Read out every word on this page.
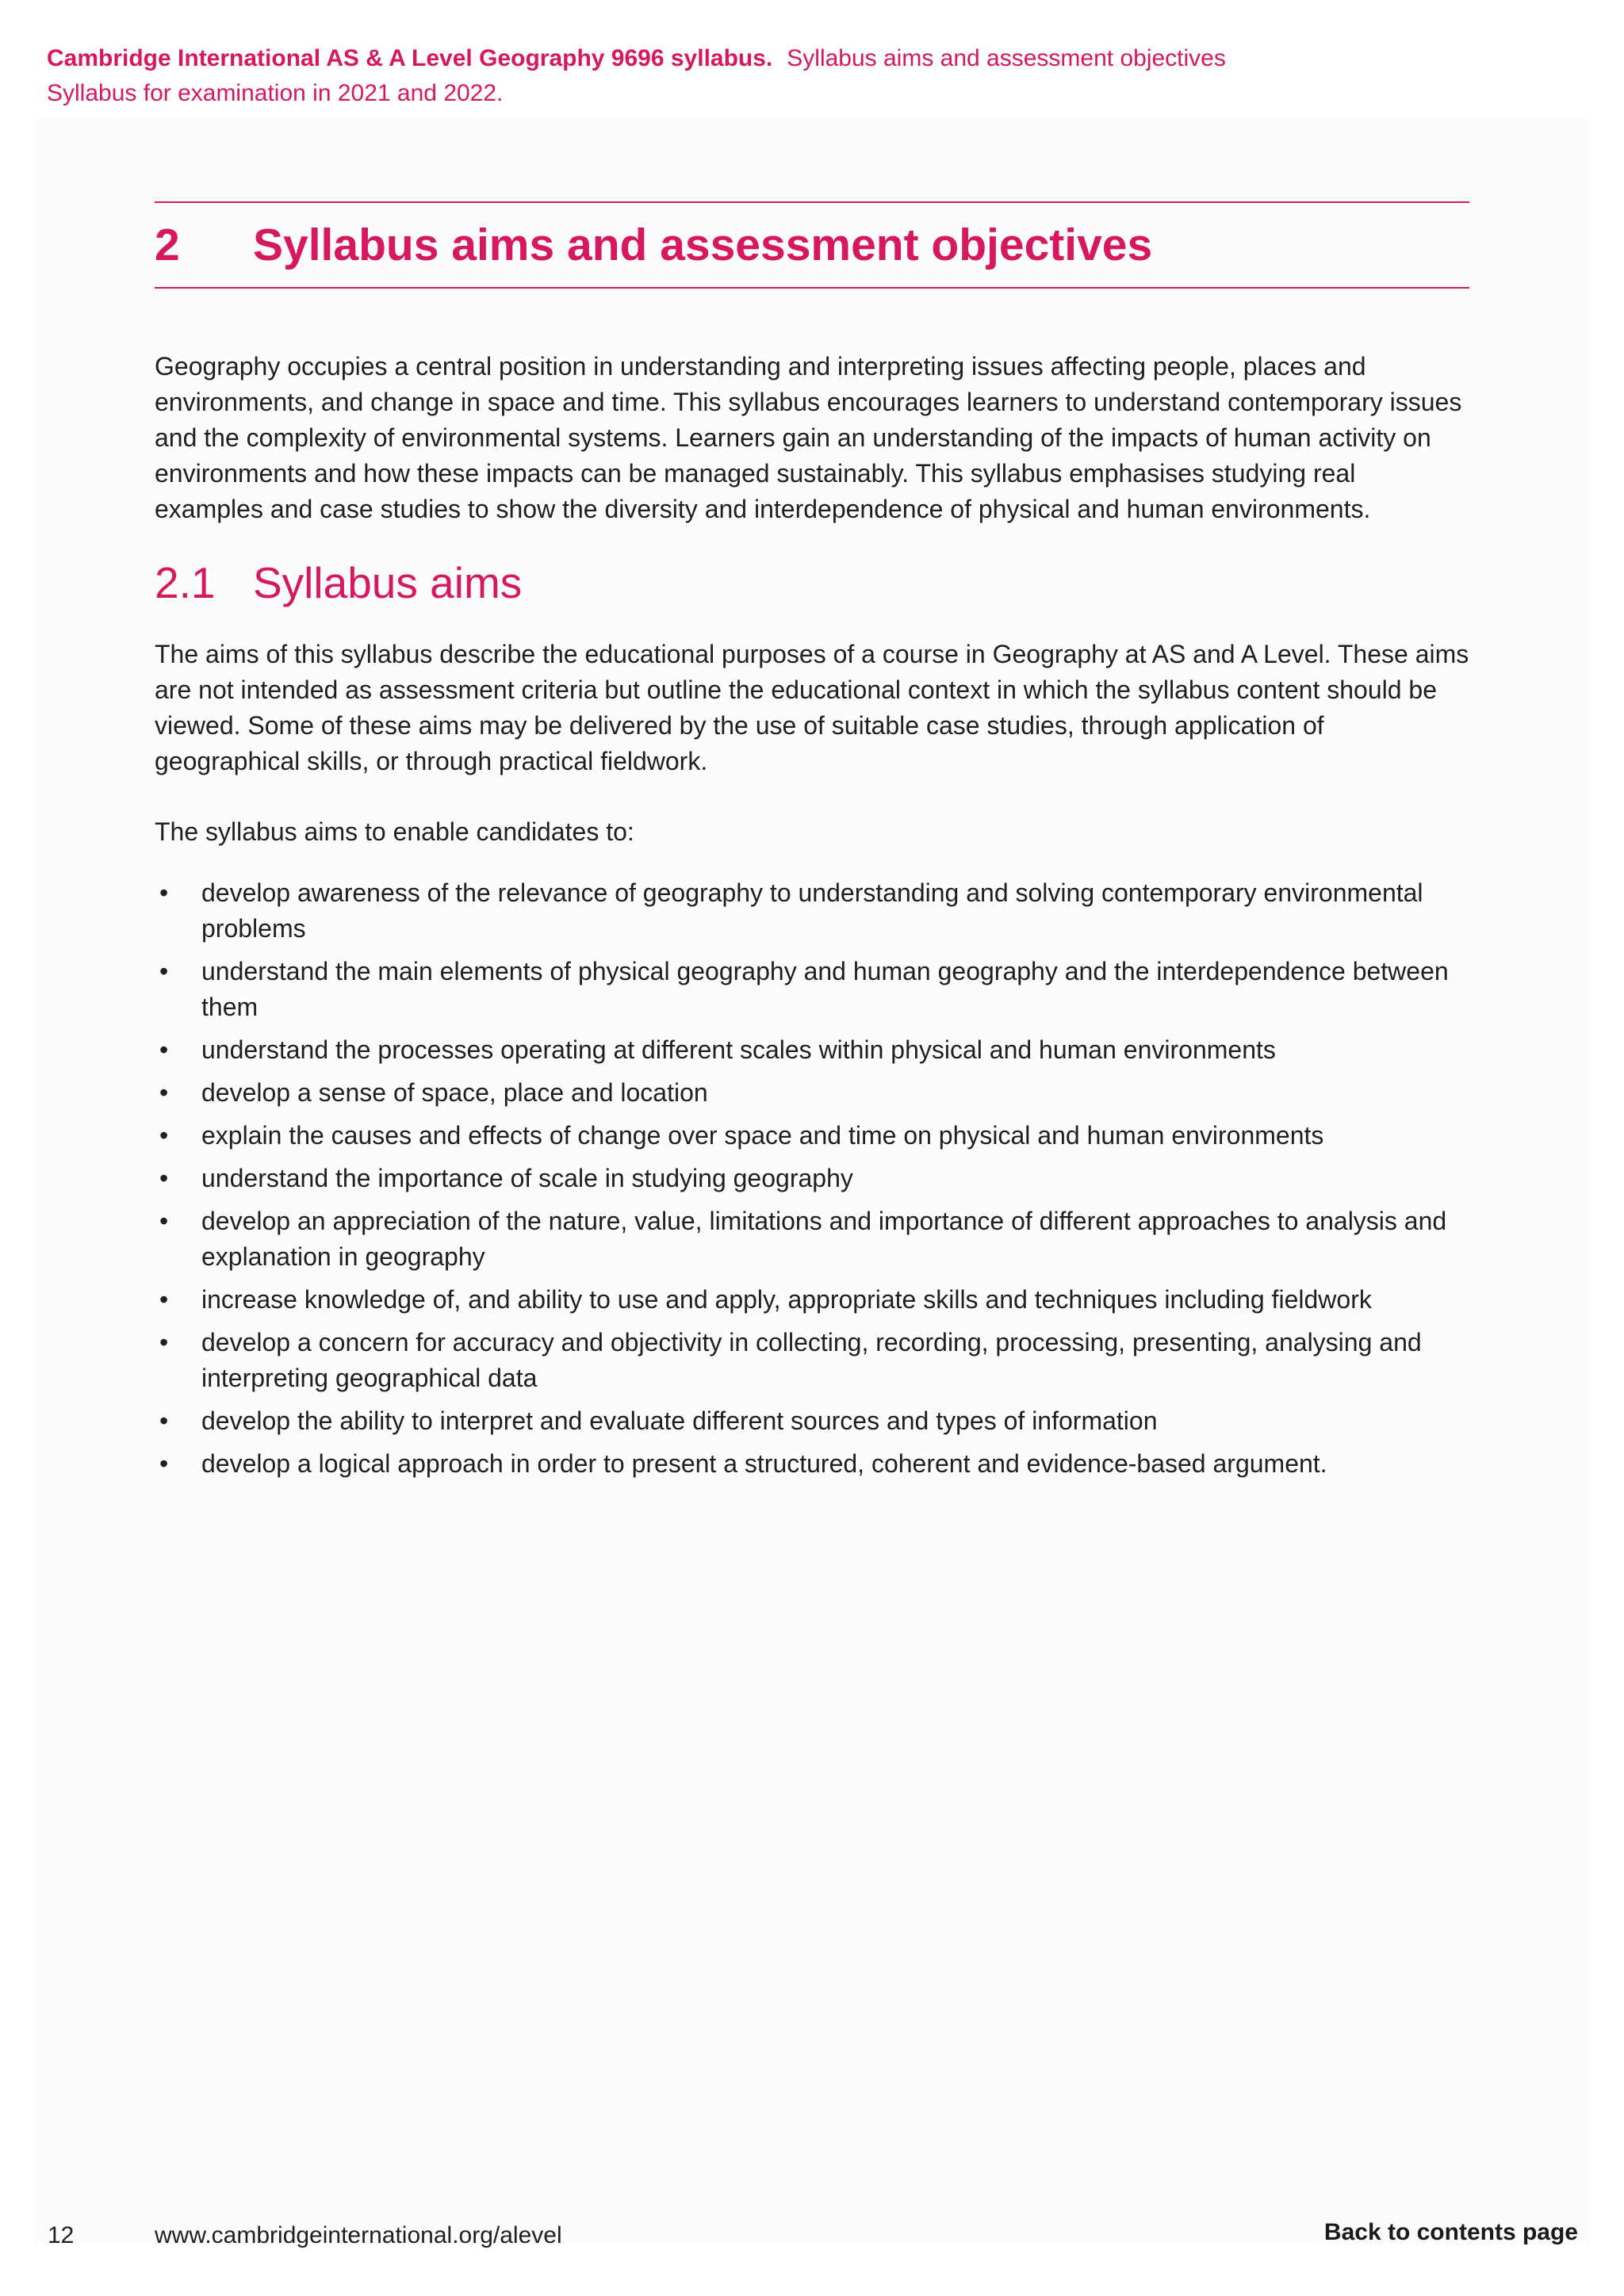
Cambridge International AS & A Level Geography 9696 syllabus. Syllabus aims and assessment objectives
Syllabus for examination in 2021 and 2022.
2	Syllabus aims and assessment objectives

Geography occupies a central position in understanding and interpreting issues affecting people, places and environments, and change in space and time. This syllabus encourages learners to understand contemporary issues and the complexity of environmental systems. Learners gain an understanding of the impacts of human activity on environments and how these impacts can be managed sustainably. This syllabus emphasises studying real examples and case studies to show the diversity and interdependence of physical and human environments.

2.1 Syllabus aims

The aims of this syllabus describe the educational purposes of a course in Geography at AS and A Level. These aims are not intended as assessment criteria but outline the educational context in which the syllabus content should be viewed. Some of these aims may be delivered by the use of suitable case studies, through application of geographical skills, or through practical fieldwork.

The syllabus aims to enable candidates to:

• develop awareness of the relevance of geography to understanding and solving contemporary environmental problems
• understand the main elements of physical geography and human geography and the interdependence between them
• understand the processes operating at different scales within physical and human environments
• develop a sense of space, place and location
• explain the causes and effects of change over space and time on physical and human environments
• understand the importance of scale in studying geography
• develop an appreciation of the nature, value, limitations and importance of different approaches to analysis and explanation in geography
• increase knowledge of, and ability to use and apply, appropriate skills and techniques including fieldwork
• develop a concern for accuracy and objectivity in collecting, recording, processing, presenting, analysing and interpreting geographical data
• develop the ability to interpret and evaluate different sources and types of information
• develop a logical approach in order to present a structured, coherent and evidence-based argument.
12	www.cambridgeinternational.org/alevel	Back to contents page
